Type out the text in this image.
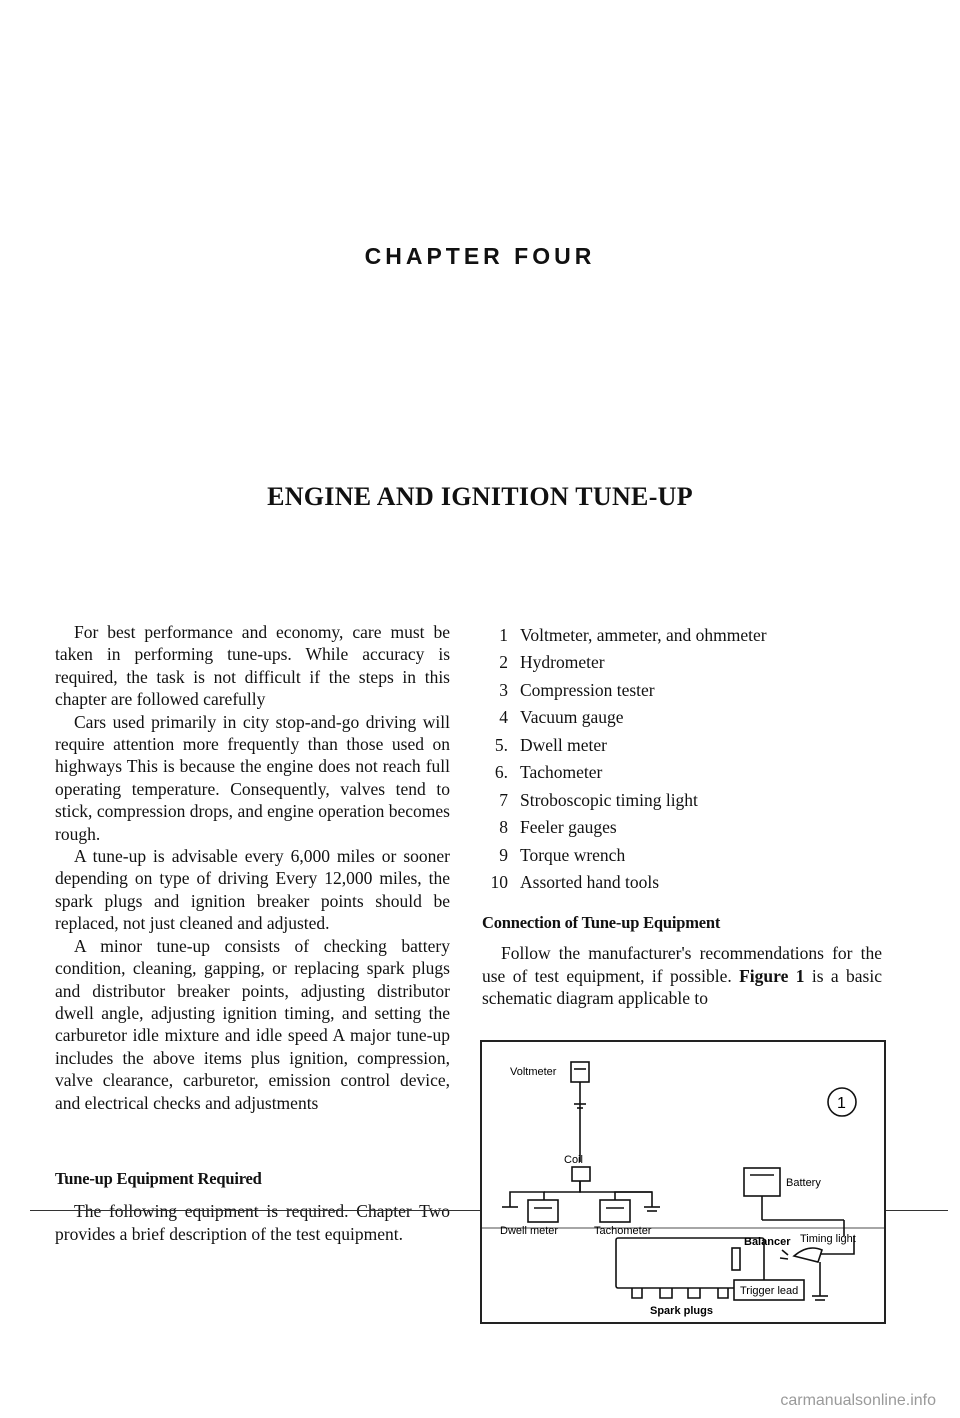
CHAPTER FOUR
ENGINE AND IGNITION TUNE-UP

For best performance and economy, care must be taken in performing tune-ups. While accuracy is required, the task is not difficult if the steps in this chapter are followed carefully

Cars used primarily in city stop-and-go driving will require attention more frequently than those used on highways This is because the engine does not reach full operating temperature. Consequently, valves tend to stick, compression drops, and engine operation becomes rough.

A tune-up is advisable every 6,000 miles or sooner depending on type of driving Every 12,000 miles, the spark plugs and ignition breaker points should be replaced, not just cleaned and adjusted.

A minor tune-up consists of checking battery condition, cleaning, gapping, or replacing spark plugs and distributor breaker points, adjusting distributor dwell angle, adjusting ignition timing, and setting the carburetor idle mixture and idle speed A major tune-up includes the above items plus ignition, compression, valve clearance, carburetor, emission control device, and electrical checks and adjustments

Tune-up Equipment Required

The following equipment is required. Chapter Two provides a brief description of the test equipment.

1 Voltmeter, ammeter, and ohmmeter
2 Hydrometer
3 Compression tester
4 Vacuum gauge
5. Dwell meter
6. Tachometer
7 Stroboscopic timing light
8 Feeler gauges
9 Torque wrench
10 Assorted hand tools
Connection of Tune-up Equipment

Follow the manufacturer's recommendations for the use of test equipment, if possible. Figure 1 is a basic schematic diagram applicable to

Voltmeter
Coil
Battery
Dwell meter	Tachometer
Balancer Timing light
Trigger lead
Spark plugs
1
carmanualsonline.info
